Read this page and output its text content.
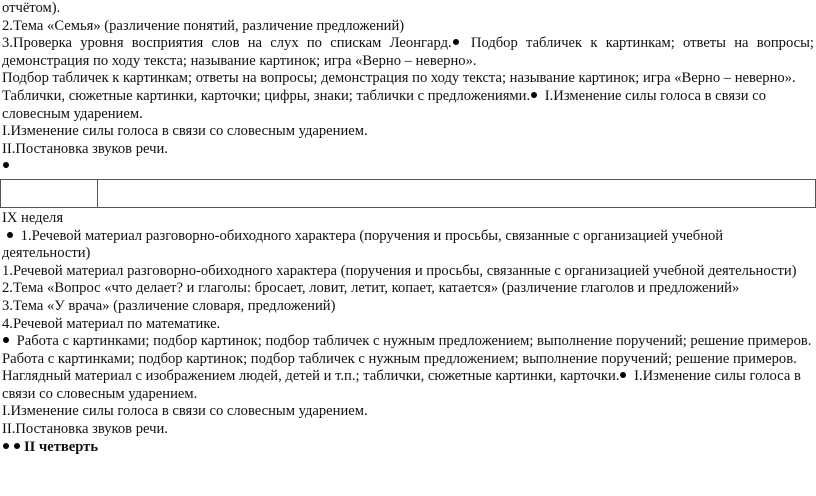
отчётом).

2.Тема «Семья» (различение понятий, различение предложений)

3.Проверка уровня восприятия слов на слух по спискам Леонгард. Подбор табличек к картинкам; ответы на вопросы; демонстрация по ходу текста; называние картинок; игра «Верно – неверно».

Подбор табличек к картинкам; ответы на вопросы; демонстрация по ходу текста; называние картинок; игра «Верно – неверно».

Таблички, сюжетные картинки, карточки; цифры, знаки; таблички с предложениями. I.Изменение силы голоса в связи со словесным ударением.

I.Изменение силы голоса в связи со словесным ударением.

II.Постановка звуков речи.

IX неделя

1.Речевой материал разговорно-обиходного характера (поручения и просьбы, связанные с организацией учебной деятельности)

1.Речевой материал разговорно-обиходного характера (поручения и просьбы, связанные с организацией учебной деятельности)

2.Тема «Вопрос «что делает? и глаголы: бросает, ловит, летит, копает, катается» (различение глаголов и предложений»

3.Тема «У врача» (различение словаря, предложений)

4.Речевой материал по математике.

Работа с картинками; подбор картинок; подбор табличек с нужным предложением; выполнение поручений; решение примеров.

Работа с картинками; подбор картинок; подбор табличек с нужным предложением; выполнение поручений; решение примеров.

Наглядный материал с изображением людей, детей и т.п.; таблички, сюжетные картинки, карточки. I.Изменение силы голоса в связи со словесным ударением.

I.Изменение силы голоса в связи со словесным ударением.

II.Постановка звуков речи.

II четверть
